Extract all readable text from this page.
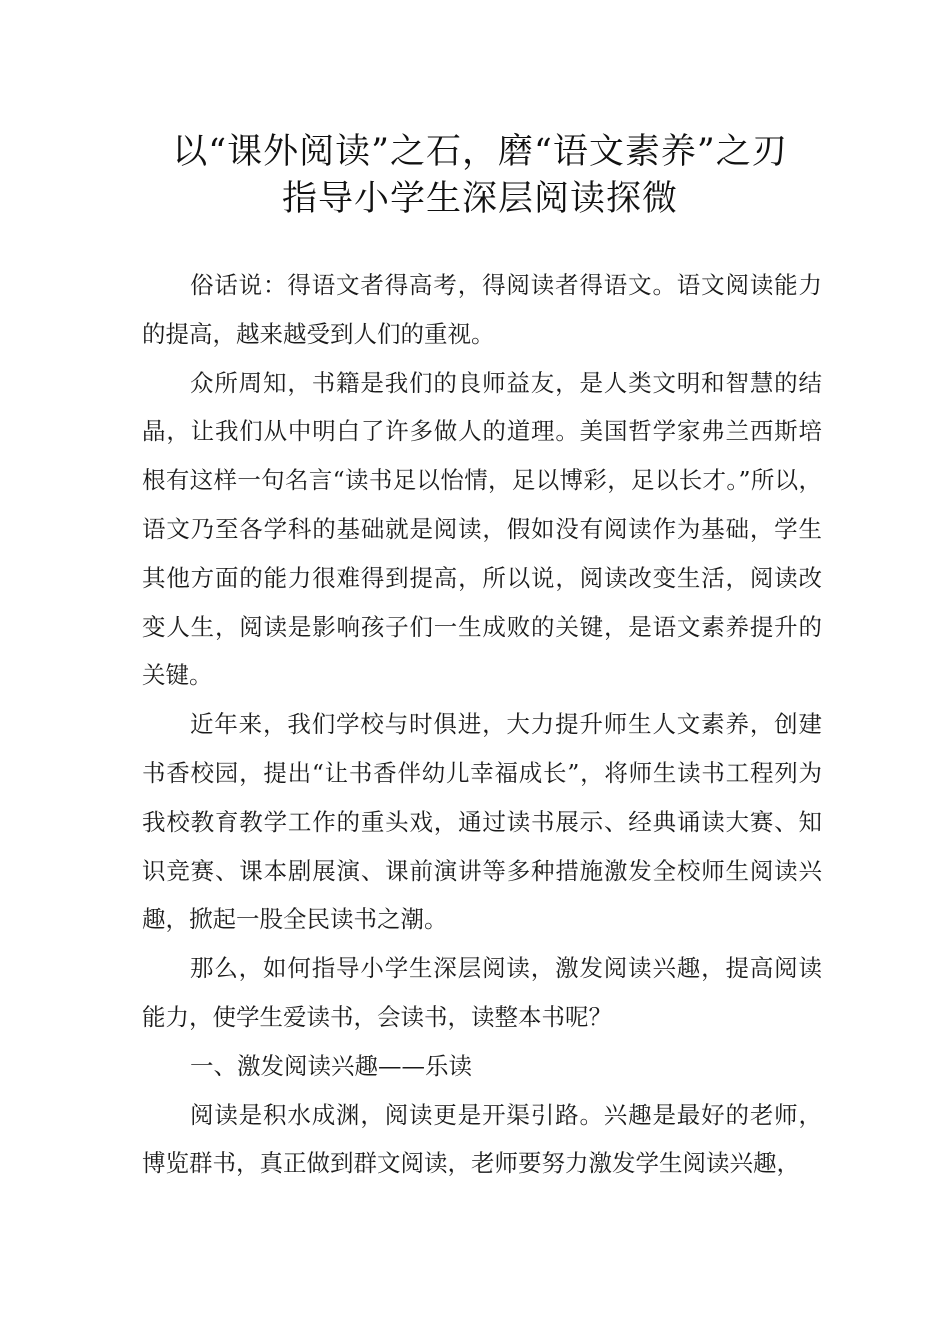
以“课外阅读”之石，磨“语文素养”之刃
指导小学生深层阅读探微

俗话说：得语文者得高考，得阅读者得语文。语文阅读能力的提高，越来越受到人们的重视。

众所周知，书籍是我们的良师益友，是人类文明和智慧的结晶，让我们从中明白了许多做人的道理。美国哲学家弗兰西斯培根有这样一句名言“读书足以怡情，足以博彩，足以长才。”所以，语文乃至各学科的基础就是阅读，假如没有阅读作为基础，学生其他方面的能力很难得到提高，所以说，阅读改变生活，阅读改变人生，阅读是影响孩子们一生成败的关键，是语文素养提升的关键。

近年来，我们学校与时俱进，大力提升师生人文素养，创建书香校园，提出“让书香伴幼儿幸福成长”，将师生读书工程列为我校教育教学工作的重头戏，通过读书展示、经典诵读大赛、知识竞赛、课本剧展演、课前演讲等多种措施激发全校师生阅读兴趣，掀起一股全民读书之潮。

那么，如何指导小学生深层阅读，激发阅读兴趣，提高阅读能力，使学生爱读书，会读书，读整本书呢？

一、激发阅读兴趣——乐读

阅读是积水成渊，阅读更是开渠引路。兴趣是最好的老师，博览群书，真正做到群文阅读，老师要努力激发学生阅读兴趣，
